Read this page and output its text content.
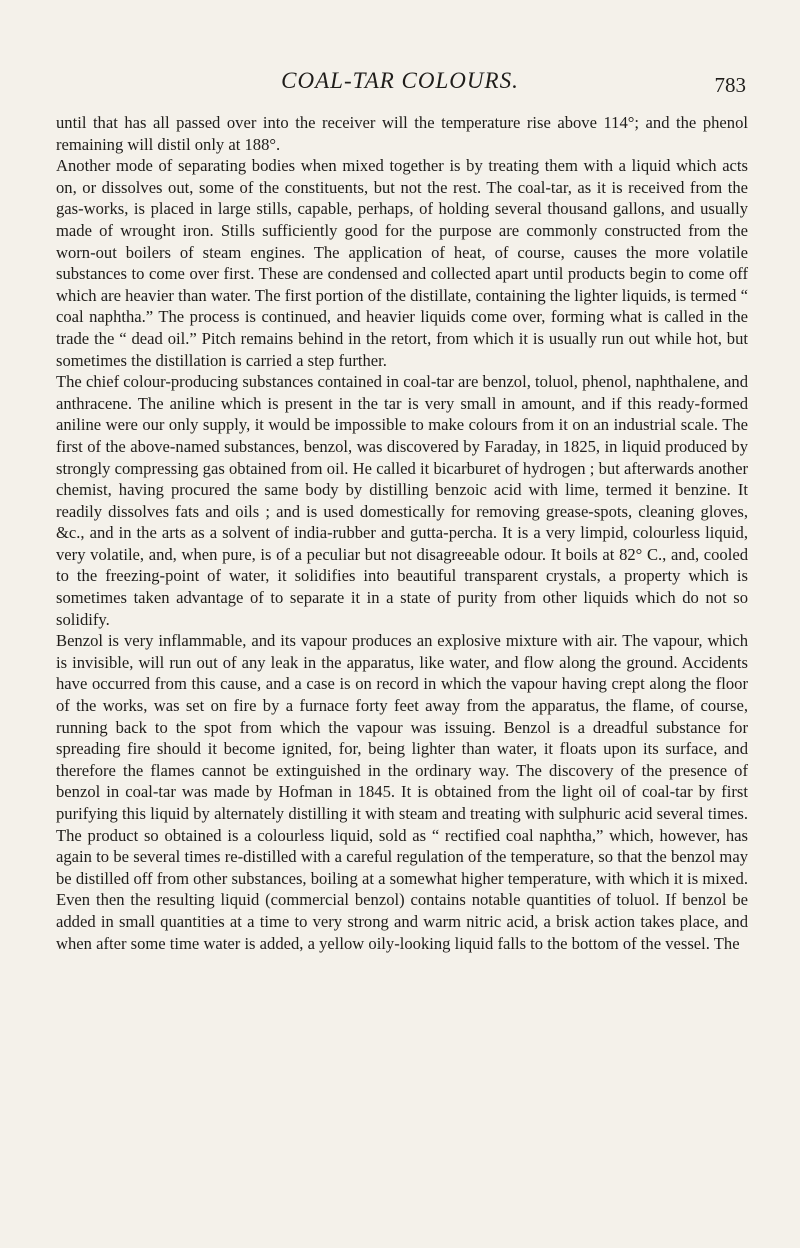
COAL-TAR COLOURS.	783

until that has all passed over into the receiver will the temperature rise above 114°; and the phenol remaining will distil only at 188°.

Another mode of separating bodies when mixed together is by treating them with a liquid which acts on, or dissolves out, some of the constituents, but not the rest. The coal-tar, as it is received from the gas-works, is placed in large stills, capable, perhaps, of holding several thousand gallons, and usually made of wrought iron. Stills sufficiently good for the purpose are commonly constructed from the worn-out boilers of steam engines. The application of heat, of course, causes the more volatile substances to come over first. These are condensed and collected apart until products begin to come off which are heavier than water. The first portion of the distillate, containing the lighter liquids, is termed “ coal naphtha.” The process is continued, and heavier liquids come over, forming what is called in the trade the “ dead oil.” Pitch remains behind in the retort, from which it is usually run out while hot, but sometimes the distillation is carried a step further.

The chief colour-producing substances contained in coal-tar are benzol, toluol, phenol, naphthalene, and anthracene. The aniline which is present in the tar is very small in amount, and if this ready-formed aniline were our only supply, it would be impossible to make colours from it on an industrial scale. The first of the above-named substances, benzol, was discovered by Faraday, in 1825, in liquid produced by strongly compressing gas obtained from oil. He called it bicarburet of hydrogen ; but afterwards another chemist, having procured the same body by distilling benzoic acid with lime, termed it benzine. It readily dissolves fats and oils ; and is used domestically for removing grease-spots, cleaning gloves, &c., and in the arts as a solvent of india-rubber and gutta-percha. It is a very limpid, colourless liquid, very volatile, and, when pure, is of a peculiar but not disagreeable odour. It boils at 82° C., and, cooled to the freezing-point of water, it solidifies into beautiful transparent crystals, a property which is sometimes taken advantage of to separate it in a state of purity from other liquids which do not so solidify.

Benzol is very inflammable, and its vapour produces an explosive mixture with air. The vapour, which is invisible, will run out of any leak in the apparatus, like water, and flow along the ground. Accidents have occurred from this cause, and a case is on record in which the vapour having crept along the floor of the works, was set on fire by a furnace forty feet away from the apparatus, the flame, of course, running back to the spot from which the vapour was issuing. Benzol is a dreadful substance for spreading fire should it become ignited, for, being lighter than water, it floats upon its surface, and therefore the flames cannot be extinguished in the ordinary way. The discovery of the presence of benzol in coal-tar was made by Hofman in 1845. It is obtained from the light oil of coal-tar by first purifying this liquid by alternately distilling it with steam and treating with sulphuric acid several times. The product so obtained is a colourless liquid, sold as “ rectified coal naphtha,” which, however, has again to be several times re-distilled with a careful regulation of the temperature, so that the benzol may be distilled off from other substances, boiling at a somewhat higher temperature, with which it is mixed. Even then the resulting liquid (commercial benzol) contains notable quantities of toluol. If benzol be added in small quantities at a time to very strong and warm nitric acid, a brisk action takes place, and when after some time water is added, a yellow oily-looking liquid falls to the bottom of the vessel. The
